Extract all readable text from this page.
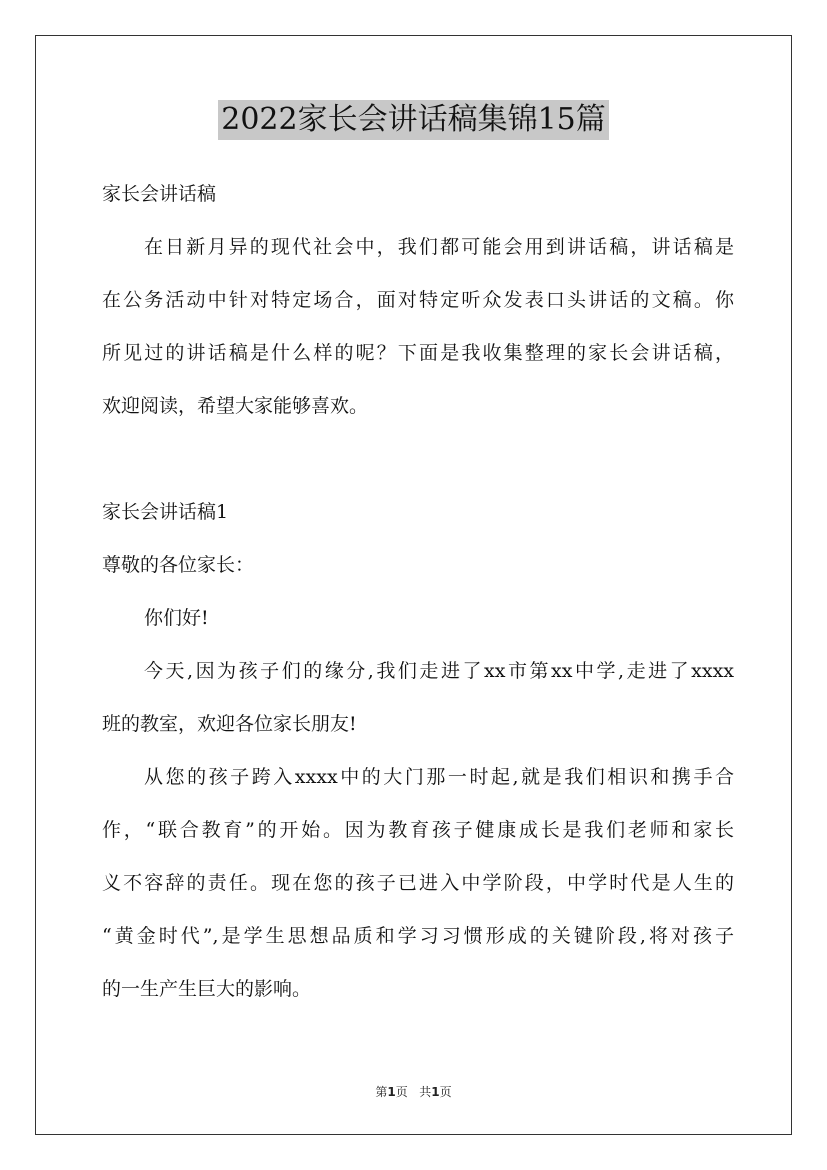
2022家长会讲话稿集锦15篇
家长会讲话稿
在日新月异的现代社会中，我们都可能会用到讲话稿，讲话稿是
在公务活动中针对特定场合，面对特定听众发表口头讲话的文稿。你
所见过的讲话稿是什么样的呢？下面是我收集整理的家长会讲话稿，
欢迎阅读，希望大家能够喜欢。
家长会讲话稿1
尊敬的各位家长：
你们好!
今天,因为孩子们的缘分,我们走进了xx市第xx中学,走进了xxxx
班的教室，欢迎各位家长朋友!
从您的孩子跨入xxxx中的大门那一时起,就是我们相识和携手合
作，“联合教育”的开始。因为教育孩子健康成长是我们老师和家长
义不容辞的责任。现在您的孩子已进入中学阶段，中学时代是人生的
“黄金时代”,是学生思想品质和学习习惯形成的关键阶段,将对孩子
的一生产生巨大的影响。
第1页 共1页
